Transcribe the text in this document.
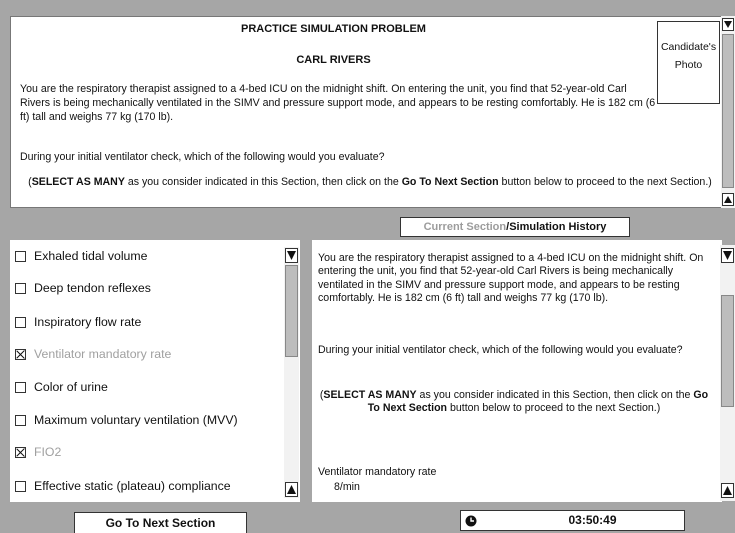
PRACTICE SIMULATION PROBLEM
CARL RIVERS

You are the respiratory therapist assigned to a 4-bed ICU on the midnight shift. On entering the unit, you find that 52-year-old Carl Rivers is being mechanically ventilated in the SIMV and pressure support mode, and appears to be resting comfortably. He is 182 cm (6 ft) tall and weighs 77 kg (170 lb).

During your initial ventilator check, which of the following would you evaluate?

(SELECT AS MANY as you consider indicated in this Section, then click on the Go To Next Section button below to proceed to the next Section.)

Candidate's Photo
Current Section/Simulation History
Exhaled tidal volume
Deep tendon reflexes
Inspiratory flow rate
Ventilator mandatory rate
Color of urine
Maximum voluntary ventilation (MVV)
FIO2
Effective static (plateau) compliance

You are the respiratory therapist assigned to a 4-bed ICU on the midnight shift. On entering the unit, you find that 52-year-old Carl Rivers is being mechanically ventilated in the SIMV and pressure support mode, and appears to be resting comfortably. He is 182 cm (6 ft) tall and weighs 77 kg (170 lb).

During your initial ventilator check, which of the following would you evaluate?

(SELECT AS MANY as you consider indicated in this Section, then click on the Go To Next Section button below to proceed to the next Section.)

Ventilator mandatory rate

8/min

Go To Next Section	03:50:49
